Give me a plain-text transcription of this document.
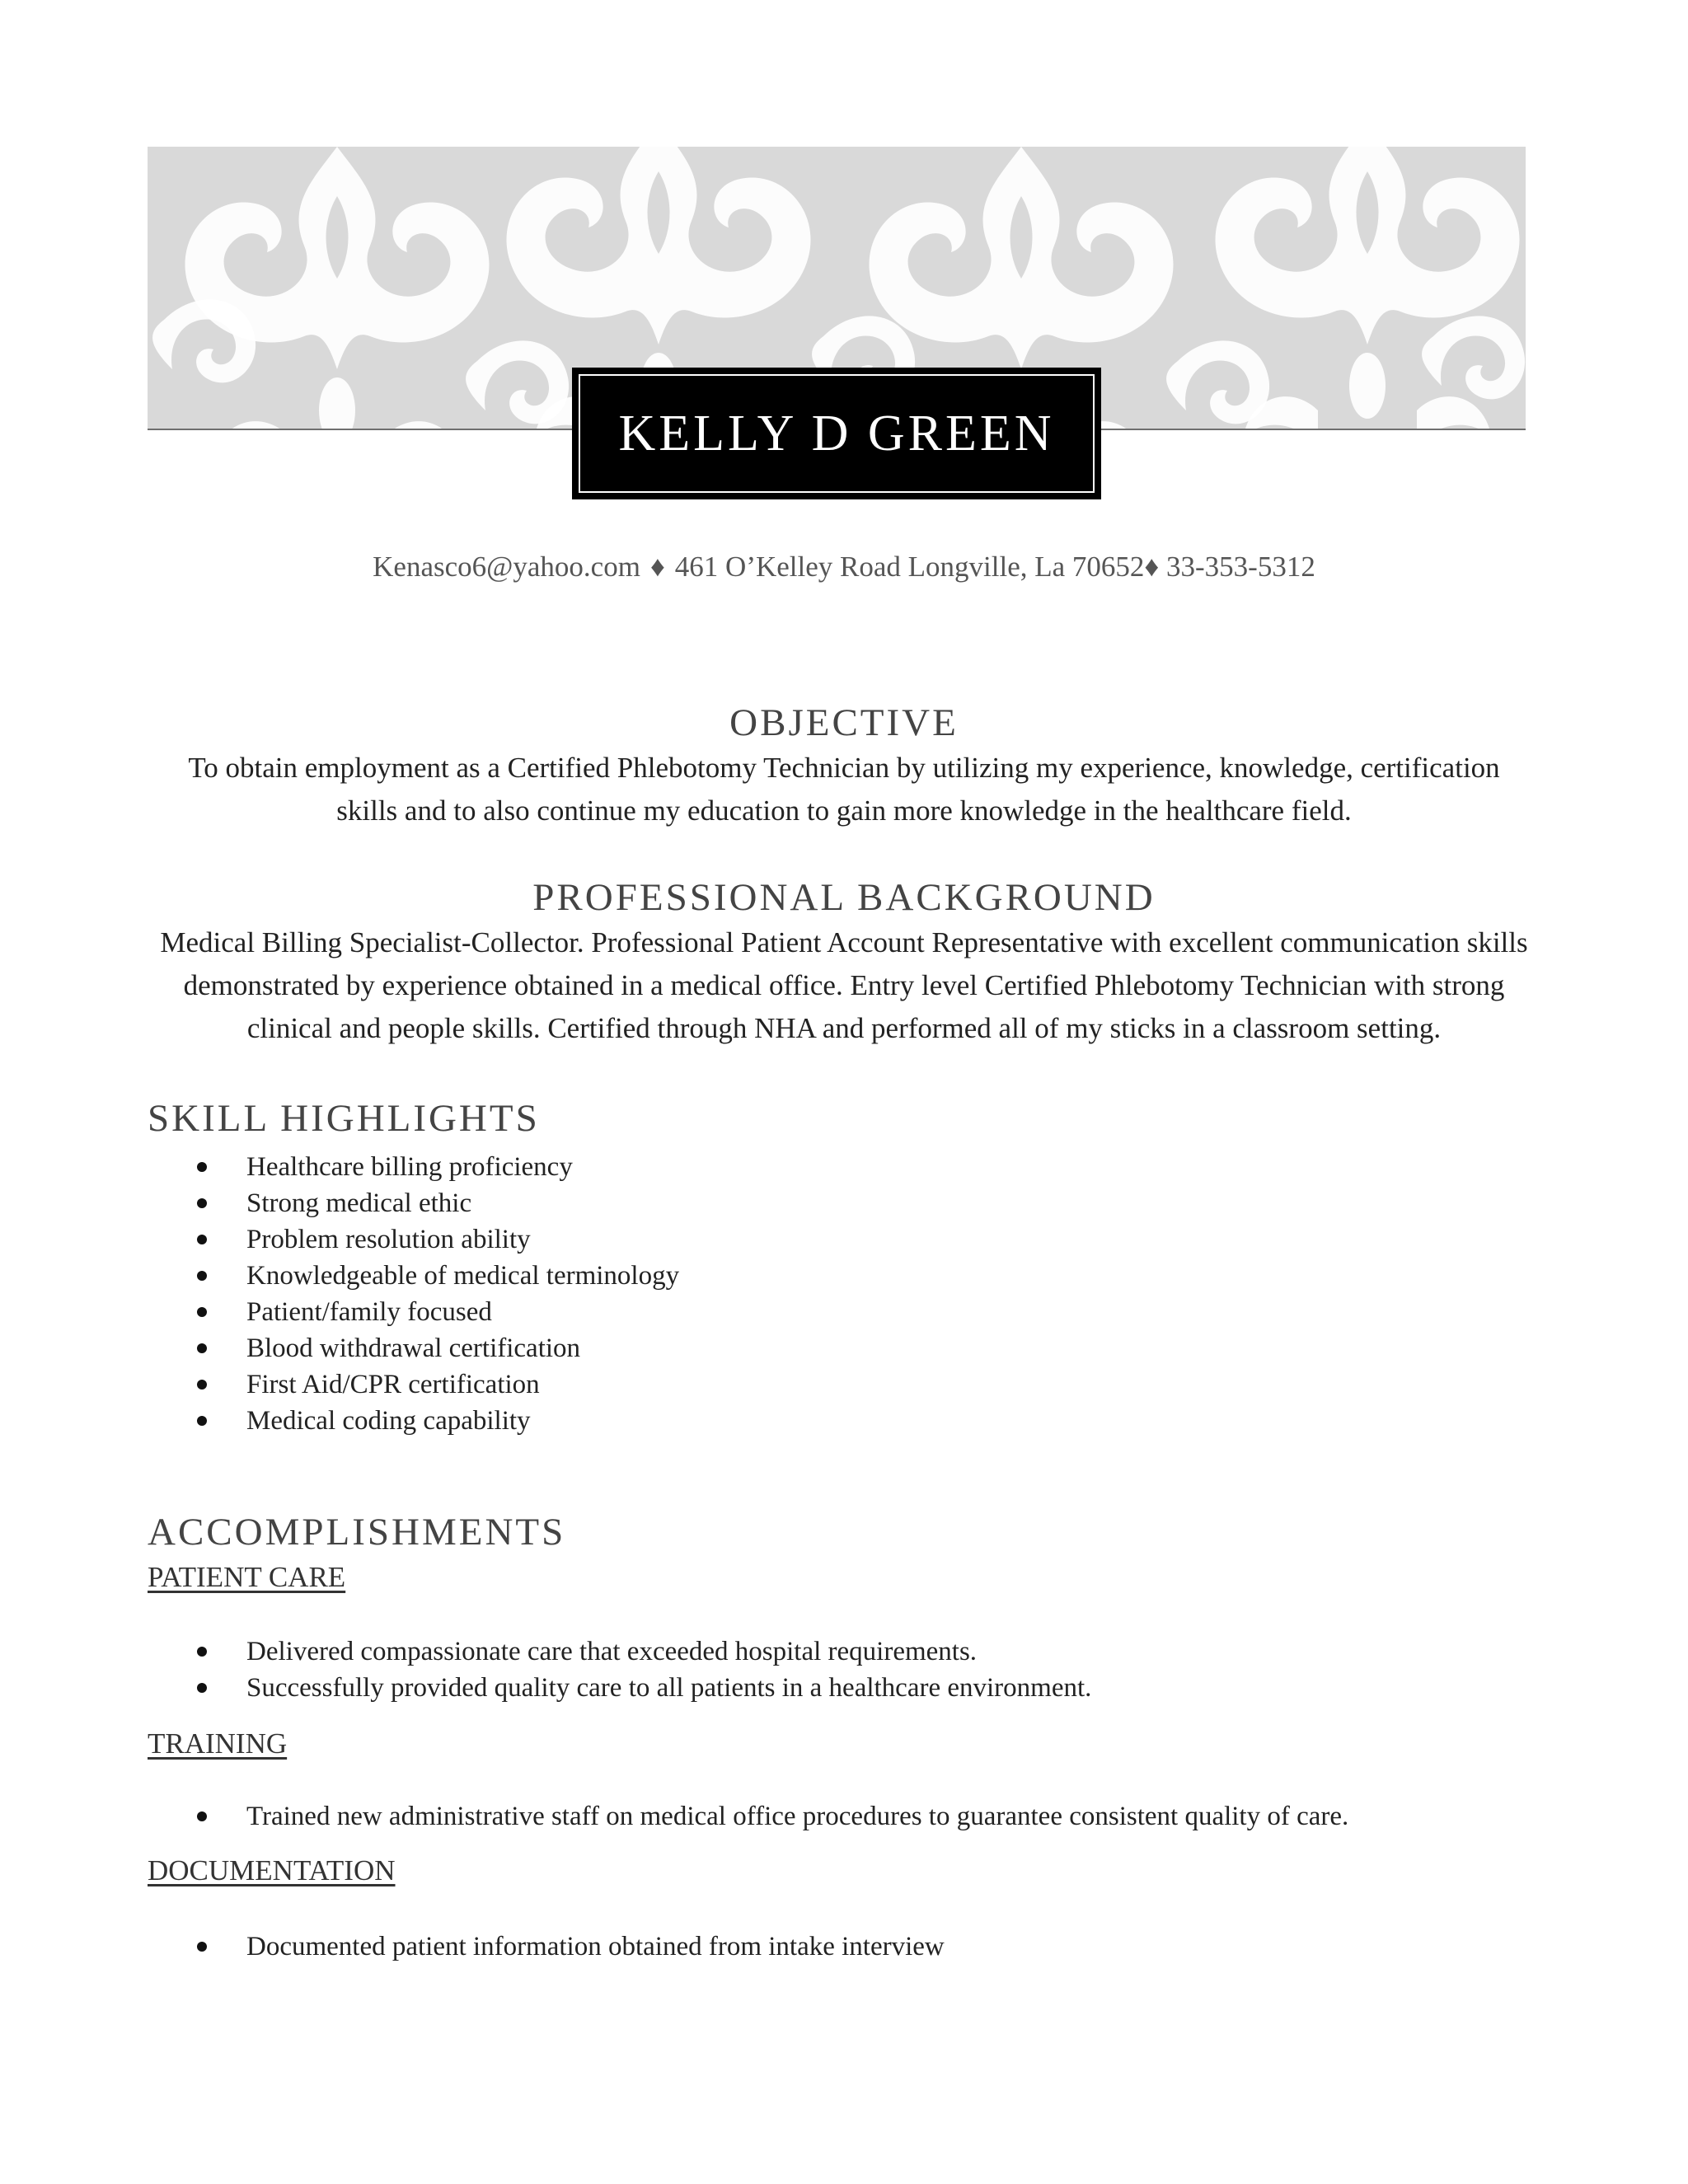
KELLY D GREEN
Kenasco6@yahoo.com ♦ 461 O’Kelley Road Longville, La 70652♦ 33-353-5312
OBJECTIVE
To obtain employment as a Certified Phlebotomy Technician by utilizing my experience, knowledge, certification
skills and to also continue my education to gain more knowledge in the healthcare field.
PROFESSIONAL BACKGROUND
Medical Billing Specialist-Collector. Professional Patient Account Representative with excellent communication skills
demonstrated by experience obtained in a medical office. Entry level Certified Phlebotomy Technician with strong
clinical and people skills. Certified through NHA and performed all of my sticks in a classroom setting.
SKILL HIGHLIGHTS
Healthcare billing proficiency
Strong medical ethic
Problem resolution ability
Knowledgeable of medical terminology
Patient/family focused
Blood withdrawal certification
First Aid/CPR certification
Medical coding capability
ACCOMPLISHMENTS
PATIENT CARE
Delivered compassionate care that exceeded hospital requirements.
Successfully provided quality care to all patients in a healthcare environment.
TRAINING
Trained new administrative staff on medical office procedures to guarantee consistent quality of care.
DOCUMENTATION
Documented patient information obtained from intake interview
